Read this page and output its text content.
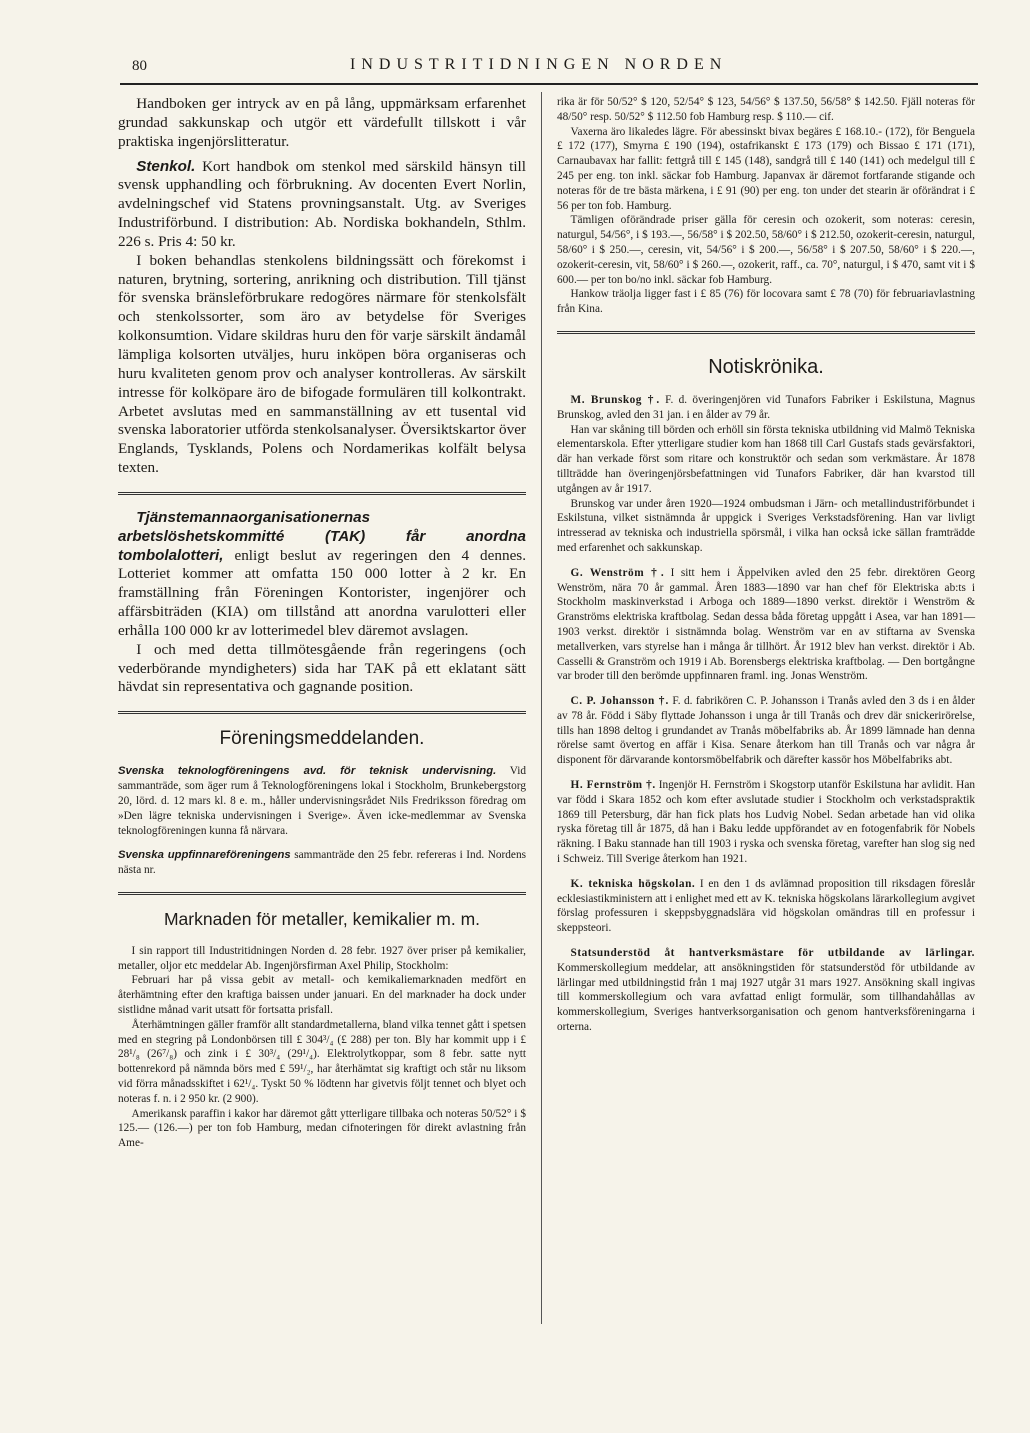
80	INDUSTRITIDNINGEN NORDEN

Handboken ger intryck av en på lång, uppmärksam erfarenhet grundad sakkunskap och utgör ett värdefullt tillskott i vår praktiska ingenjörslitteratur.

Stenkol. Kort handbok om stenkol med särskild hänsyn till svensk upphandling och förbrukning. Av docenten Evert Norlin, avdelningschef vid Statens provningsanstalt. Utg. av Sveriges Industriförbund. I distribution: Ab. Nordiska bokhandeln, Sthlm. 226 s. Pris 4: 50 kr.

I boken behandlas stenkolens bildningssätt och förekomst i naturen, brytning, sortering, anrikning och distribution. Till tjänst för svenska bränsleförbrukare redogöres närmare för stenkolsfält och stenkolssorter, som äro av betydelse för Sveriges kolkonsumtion. Vidare skildras huru den för varje särskilt ändamål lämpliga kolsorten utväljes, huru inköpen böra organiseras och huru kvaliteten genom prov och analyser kontrolleras. Av särskilt intresse för kolköpare äro de bifogade formulären till kolkontrakt. Arbetet avslutas med en sammanställning av ett tusental vid svenska laboratorier utförda stenkolsanalyser. Översiktskartor över Englands, Tysklands, Polens och Nordamerikas kolfält belysa texten.

Tjänstemannaorganisationernas arbetslöshetskommitté (TAK) får anordna tombolalotteri, enligt beslut av regeringen den 4 dennes. Lotteriet kommer att omfatta 150 000 lotter à 2 kr. En framställning från Föreningen Kontorister, ingenjörer och affärsbiträden (KIA) om tillstånd att anordna varulotteri eller erhålla 100 000 kr av lotterimedel blev däremot avslagen.

I och med detta tillmötesgående från regeringens (och vederbörande myndigheters) sida har TAK på ett eklatant sätt hävdat sin representativa och gagnande position.

Föreningsmeddelanden.

Svenska teknologföreningens avd. för teknisk undervisning. Vid sammanträde, som äger rum å Teknologföreningens lokal i Stockholm, Brunkebergstorg 20, lörd. d. 12 mars kl. 8 e. m., håller undervisningsrådet Nils Fredriksson föredrag om »Den lägre tekniska undervisningen i Sverige». Även icke-medlemmar av Svenska teknologföreningen kunna få närvara.

Svenska uppfinnareföreningens sammanträde den 25 febr. refereras i Ind. Nordens nästa nr.

Marknaden för metaller, kemikalier m. m.

I sin rapport till Industritidningen Norden d. 28 febr. 1927 över priser på kemikalier, metaller, oljor etc meddelar Ab. Ingenjörsfirman Axel Philip, Stockholm:

Februari har på vissa gebit av metall- och kemikaliemarknaden medfört en återhämtning efter den kraftiga baissen under januari. En del marknader ha dock under sistlidne månad varit utsatt för fortsatta prisfall.

Återhämtningen gäller framför allt standardmetallerna, bland vilka tennet gått i spetsen med en stegring på Londonbörsen till £ 304³/₄ (£ 288) per ton. Bly har kommit upp i £ 28¹/₈ (26⁷/₈) och zink i £ 30³/₄ (29¹/₄). Elektrolytkoppar, som 8 febr. satte nytt bottenrekord på nämnda börs med £ 59¹/₂, har återhämtat sig kraftigt och står nu liksom vid förra månadsskiftet i 62¹/₄. Tyskt 50 % lödtenn har givetvis följt tennet och blyet och noteras f. n. i 2 950 kr. (2 900).

Amerikansk paraffin i kakor har däremot gått ytterligare tillbaka och noteras 50/52° i $ 125.— (126.—) per ton fob Hamburg, medan cifnoteringen för direkt avlastning från Ame-

rika är för 50/52° $ 120, 52/54° $ 123, 54/56° $ 137.50, 56/58° $ 142.50. Fjäll noteras för 48/50° resp. 50/52° $ 112.50 fob Hamburg resp. $ 110.— cif.

Vaxerna äro likaledes lägre. För abessinskt bivax begäres £ 168.10.- (172), för Benguela £ 172 (177), Smyrna £ 190 (194), ostafrikanskt £ 173 (179) och Bissao £ 171 (171), Carnaubavax har fallit: fettgrå till £ 145 (148), sandgrå till £ 140 (141) och medelgul till £ 245 per eng. ton inkl. säckar fob Hamburg. Japanvax är däremot fortfarande stigande och noteras för de tre bästa märkena, i £ 91 (90) per eng. ton under det stearin är oförändrat i £ 56 per ton fob. Hamburg.

Tämligen oförändrade priser gälla för ceresin och ozokerit, som noteras: ceresin, naturgul, 54/56°, i $ 193.—, 56/58° i $ 202.50, 58/60° i $ 212.50, ozokerit-ceresin, naturgul, 58/60° i $ 250.—, ceresin, vit, 54/56° i $ 200.—, 56/58° i $ 207.50, 58/60° i $ 220.—, ozokerit-ceresin, vit, 58/60° i $ 260.—, ozokerit, raff., ca. 70°, naturgul, i $ 470, samt vit i $ 600.— per ton bo/no inkl. säckar fob Hamburg.

Hankow träolja ligger fast i £ 85 (76) för locovara samt £ 78 (70) för februariavlastning från Kina.

Notiskrönika.

M. Brunskog †. F. d. överingenjören vid Tunafors Fabriker i Eskilstuna, Magnus Brunskog, avled den 31 jan. i en ålder av 79 år.

Han var skåning till börden och erhöll sin första tekniska utbildning vid Malmö Tekniska elementarskola. Efter ytterligare studier kom han 1868 till Carl Gustafs stads gevärsfaktori, där han verkade först som ritare och konstruktör och sedan som verkmästare. År 1878 tillträdde han överingenjörsbefattningen vid Tunafors Fabriker, där han kvarstod till utgången av år 1917.

Brunskog var under åren 1920—1924 ombudsman i Järn- och metallindustriförbundet i Eskilstuna, vilket sistnämnda år uppgick i Sveriges Verkstadsförening. Han var livligt intresserad av tekniska och industriella spörsmål, i vilka han också icke sällan framträdde med erfarenhet och sakkunskap.

G. Wenström †. I sitt hem i Äppelviken avled den 25 febr. direktören Georg Wenström, nära 70 år gammal. Åren 1883—1890 var han chef för Elektriska ab:ts i Stockholm maskinverkstad i Arboga och 1889—1890 verkst. direktör i Wenström & Granströms elektriska kraftbolag. Sedan dessa båda företag uppgått i Asea, var han 1891—1903 verkst. direktör i sistnämnda bolag. Wenström var en av stiftarna av Svenska metallverken, vars styrelse han i många år tillhört. År 1912 blev han verkst. direktör i Ab. Casselli & Granström och 1919 i Ab. Borensbergs elektriska kraftbolag. — Den bortgångne var broder till den berömde uppfinnaren framl. ing. Jonas Wenström.

C. P. Johansson †. F. d. fabrikören C. P. Johansson i Tranås avled den 3 ds i en ålder av 78 år. Född i Säby flyttade Johansson i unga år till Tranås och drev där snickerirörelse, tills han 1898 deltog i grundandet av Tranås möbelfabriks ab. År 1899 lämnade han denna rörelse samt övertog en affär i Kisa. Senare återkom han till Tranås och var några år disponent för därvarande kontorsmöbelfabrik och därefter kassör hos Möbelfabriks abt.

H. Fernström †. Ingenjör H. Fernström i Skogstorp utanför Eskilstuna har avlidit. Han var född i Skara 1852 och kom efter avslutade studier i Stockholm och verkstadspraktik 1869 till Petersburg, där han fick plats hos Ludvig Nobel. Sedan arbetade han vid olika ryska företag till år 1875, då han i Baku ledde uppförandet av en fotogenfabrik för Nobels räkning. I Baku stannade han till 1903 i ryska och svenska företag, varefter han slog sig ned i Schweiz. Till Sverige återkom han 1921.

K. tekniska högskolan. I en den 1 ds avlämnad proposition till riksdagen föreslår ecklesiastikministern att i enlighet med ett av K. tekniska högskolans lärarkollegium avgivet förslag professuren i skeppsbyggnadslära vid högskolan omändras till en professur i skeppsteori.

Statsunderstöd åt hantverksmästare för utbildande av lärlingar. Kommerskollegium meddelar, att ansökningstiden för statsunderstöd för utbildande av lärlingar med utbildningstid från 1 maj 1927 utgår 31 mars 1927. Ansökning skall ingivas till kommerskollegium och vara avfattad enligt formulär, som tillhandahållas av kommerskollegium, Sveriges hantverksorganisation och genom hantverksföreningarna i orterna.
